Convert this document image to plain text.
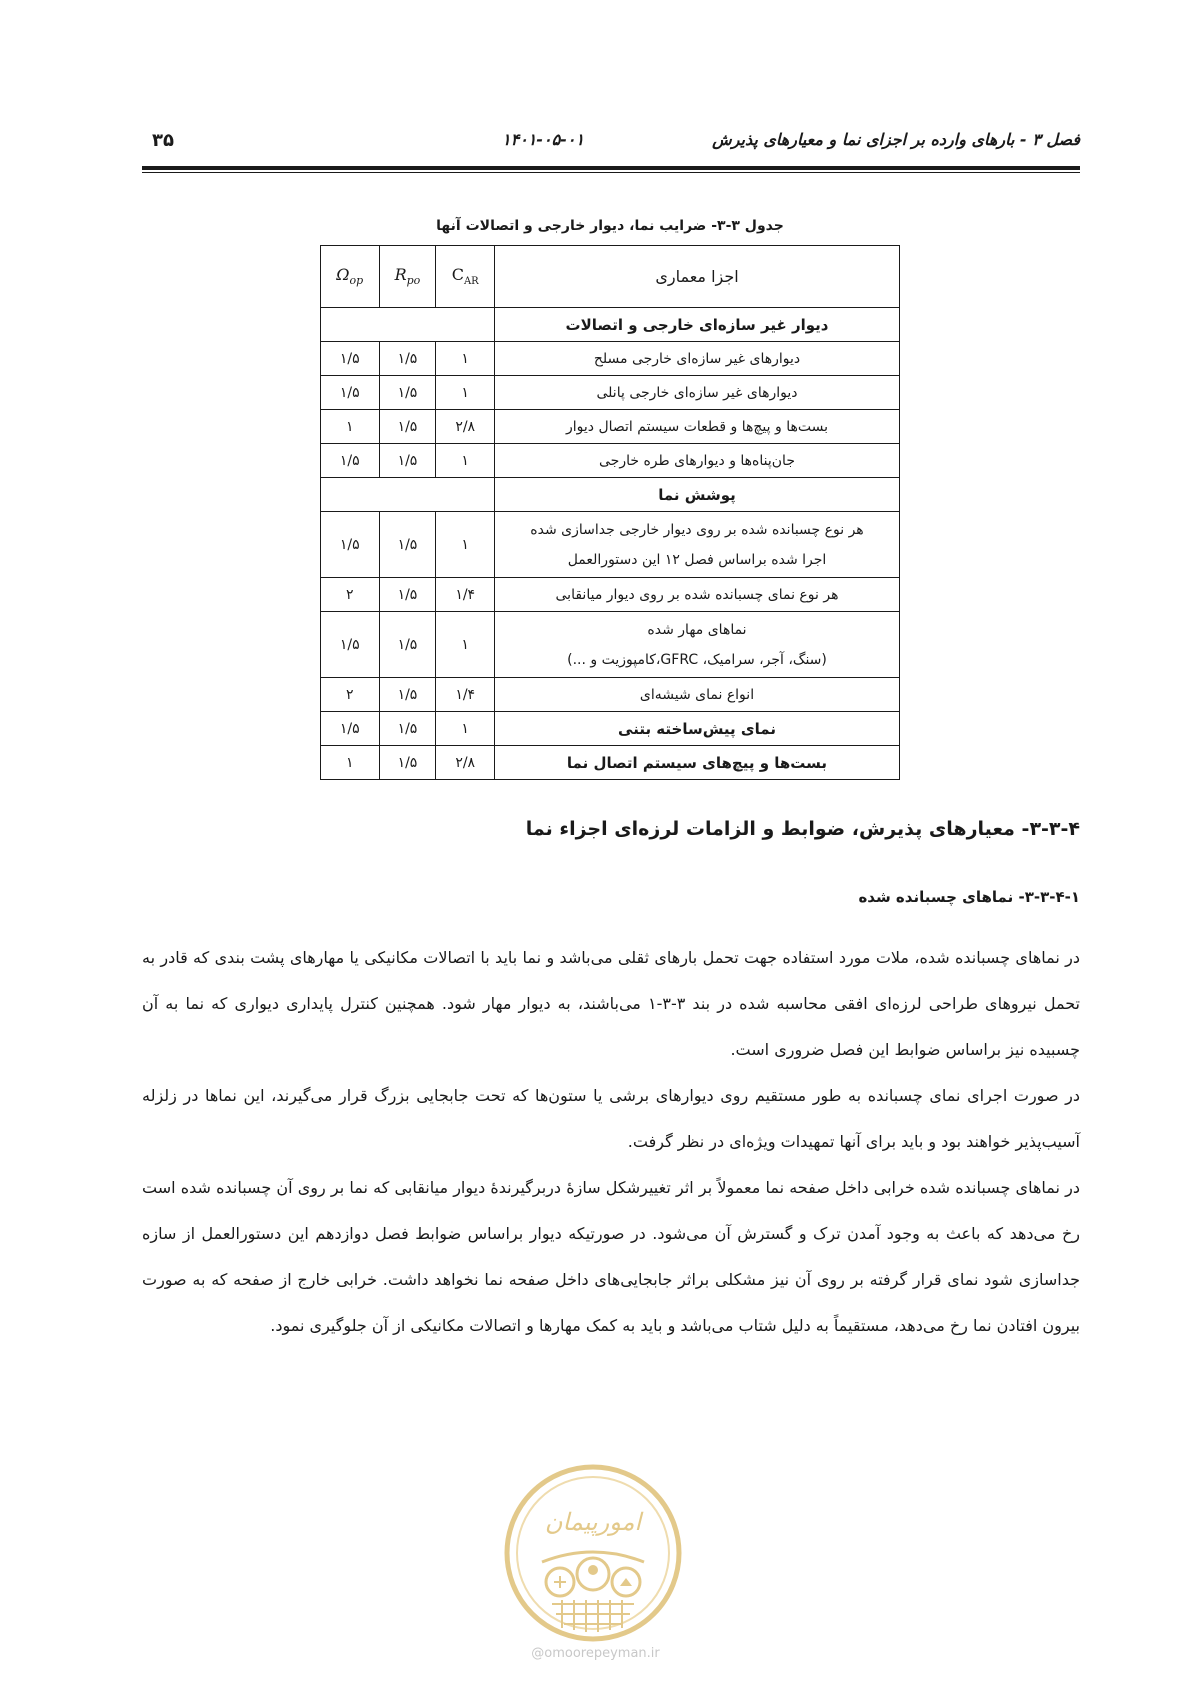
فصل ۳ - بارهای وارده بر اجزای نما و معیارهای پذیرش
۱۴۰۱-۰۵-۰۱
۳۵
جدول ۳-۳- ضرایب نما، دیوار خارجی و اتصالات آنها
اجزا معماری	$C_{AR}$	$R_{po}$	$\Omega_{op}$
دیوار غیر سازه‌ای خارجی و اتصالات			
دیوارهای غیر سازه‌ای خارجی مسلح	۱	۱/۵	۱/۵
دیوارهای غیر سازه‌ای خارجی پانلی	۱	۱/۵	۱/۵
بست‌ها و پیچ‌ها و قطعات سیستم اتصال دیوار	۲/۸	۱/۵	۱
جان‌پناه‌ها و دیوارهای طره خارجی	۱	۱/۵	۱/۵
پوشش نما			

هر نوع چسبانده شده بر روی دیوار خارجی جداسازی شده
اجرا شده براساس فصل ۱۲ این دستورالعمل	۱	۱/۵	۱/۵
هر نوع نمای چسبانده شده بر روی دیوار میانقابی	۱/۴	۱/۵	۲

نماهای مهار شده
(سنگ، آجر، سرامیک، GFRC،کامپوزیت و ...)	۱	۱/۵	۱/۵
انواع نمای شیشه‌ای	۱/۴	۱/۵	۲
نمای پیش‌ساخته بتنی	۱	۱/۵	۱/۵
بست‌ها و پیچ‌های سیستم اتصال نما	۲/۸	۱/۵	۱
۳-۳-۴- معیارهای پذیرش، ضوابط و الزامات لرزه‌ای اجزاء نما
۳-۳-۴-۱- نماهای چسبانده شده

در نماهای چسبانده شده، ملات مورد استفاده جهت تحمل بارهای ثقلی می‌باشد و نما باید با اتصالات مکانیکی یا مهارهای پشت بندی که قادر به تحمل نیروهای طراحی لرزه‌ای افقی محاسبه شده در بند ۳-۳-۱ می‌باشند، به دیوار مهار شود. همچنین کنترل پایداری دیواری که نما به آن چسبیده نیز براساس ضوابط این فصل ضروری است.

در صورت اجرای نمای چسبانده به طور مستقیم روی دیوارهای برشی یا ستون‌ها که تحت جابجایی بزرگ قرار می‌گیرند، این نماها در زلزله آسیب‌پذیر خواهند بود و باید برای آنها تمهیدات ویژه‌ای در نظر گرفت.

در نماهای چسبانده شده خرابی داخل صفحه نما معمولاً بر اثر تغییرشکل سازهٔ دربرگیرندهٔ دیوار میانقابی که نما بر روی آن چسبانده شده است رخ می‌دهد که باعث به وجود آمدن ترک و گسترش آن می‌شود. در صورتیکه دیوار براساس ضوابط فصل دوازدهم این دستورالعمل از سازه جداسازی شود نمای قرار گرفته بر روی آن نیز مشکلی براثر جابجایی‌های داخل صفحه نما نخواهد داشت. خرابی خارج از صفحه که به صورت بیرون افتادن نما رخ می‌دهد، مستقیماً به دلیل شتاب می‌باشد و باید به کمک مهارها و اتصالات مکانیکی از آن جلوگیری نمود.

امورپیمان
@omoorepeyman.ir
